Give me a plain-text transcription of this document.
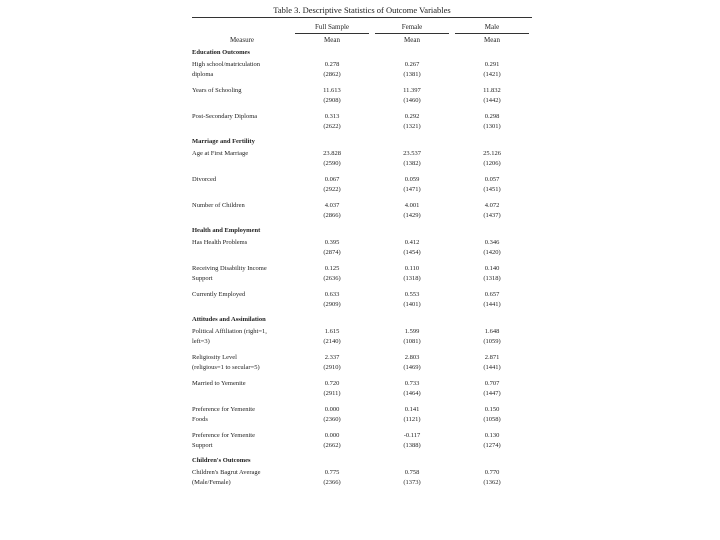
Table 3. Descriptive Statistics of Outcome Variables
Full Sample	Female	Male
Measure	Mean	Mean	Mean
Education Outcomes
High school/matriculation	0.278	0.267	0.291
diploma	(2862)	(1381)	(1421)
Years of Schooling	11.613	11.397	11.832
(2908)	(1460)	(1442)
Post-Secondary Diploma	0.313	0.292	0.298
(2622)	(1321)	(1301)
Marriage and Fertility
Age at First Marriage	23.828	23.537	25.126
(2590)	(1382)	(1206)
Divorced	0.067	0.059	0.057
(2922)	(1471)	(1451)
Number of Children	4.037	4.001	4.072
(2866)	(1429)	(1437)
Health and Employment
Has Health Problems	0.395	0.412	0.346
(2874)	(1454)	(1420)
Receiving Disability Income	0.125	0.110	0.140
Support	(2636)	(1318)	(1318)
Currently Employed	0.633	0.553	0.657
(2909)	(1401)	(1441)
Attitudes and Assimilation
Political Affiliation (right=1,	1.615	1.599	1.648
left=3)	(2140)	(1081)	(1059)
Religiosity Level	2.337	2.803	2.871
(religious=1 to secular=5)	(2910)	(1469)	(1441)
Married to Yemenite	0.720	0.733	0.707
(2911)	(1464)	(1447)
Preference for Yemenite	0.000	0.141	0.150
Foods	(2360)	(1121)	(1058)
Preference for Yemenite	0.000	-0.117	0.130
Support	(2662)	(1388)	(1274)
Children's Outcomes
Children's Bagrut Average	0.775	0.758	0.770
(Male/Female)	(2366)	(1373)	(1362)
